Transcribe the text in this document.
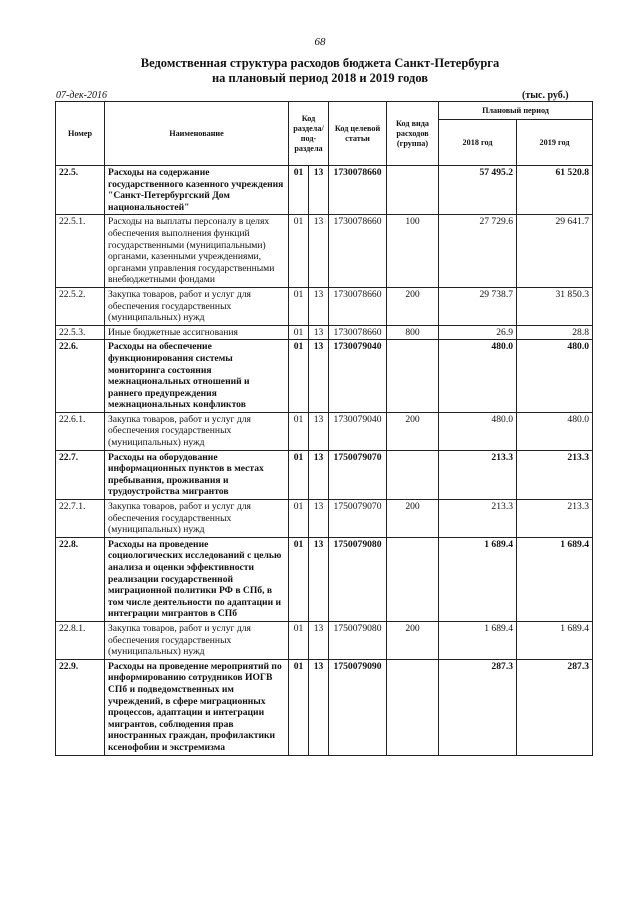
68
Ведомственная структура расходов бюджета Санкт-Петербурга
на плановый период 2018 и 2019 годов
07-дек-2016	(тыс. руб.)
Номер	Наименование	Код раздела/ под- раздела		Код целевой статьи	Код вида расходов (группа)	Плановый период	
						2018 год	2019 год
22.5.	Расходы на содержание государственного казенного учреждения "Санкт-Петербургский Дом национальностей"	01	13	1730078660		57 495.2	61 520.8
22.5.1.	Расходы на выплаты персоналу в целях обеспечения выполнения функций государственными (муниципальными) органами, казенными учреждениями, органами управления государственными внебюджетными фондами	01	13	1730078660	100	27 729.6	29 641.7
22.5.2.	Закупка товаров, работ и услуг для обеспечения государственных (муниципальных) нужд	01	13	1730078660	200	29 738.7	31 850.3
22.5.3.	Иные бюджетные ассигнования	01	13	1730078660	800	26.9	28.8
22.6.	Расходы на обеспечение функционирования системы мониторинга состояния межнациональных отношений и раннего предупреждения межнациональных конфликтов	01	13	1730079040		480.0	480.0
22.6.1.	Закупка товаров, работ и услуг для обеспечения государственных (муниципальных) нужд	01	13	1730079040	200	480.0	480.0
22.7.	Расходы на оборудование информационных пунктов в местах пребывания, проживания и трудоустройства мигрантов	01	13	1750079070		213.3	213.3
22.7.1.	Закупка товаров, работ и услуг для обеспечения государственных (муниципальных) нужд	01	13	1750079070	200	213.3	213.3
22.8.	Расходы на проведение социологических исследований с целью анализа и оценки эффективности реализации государственной миграционной политики РФ в СПб, в том числе деятельности по адаптации и интеграции мигрантов в СПб	01	13	1750079080		1 689.4	1 689.4
22.8.1.	Закупка товаров, работ и услуг для обеспечения государственных (муниципальных) нужд	01	13	1750079080	200	1 689.4	1 689.4
22.9.	Расходы на проведение мероприятий по информированию сотрудников ИОГВ СПб и подведомственных им учреждений, в сфере миграционных процессов, адаптации и интеграции мигрантов, соблюдения прав иностранных граждан, профилактики ксенофобии и экстремизма	01	13	1750079090		287.3	287.3
